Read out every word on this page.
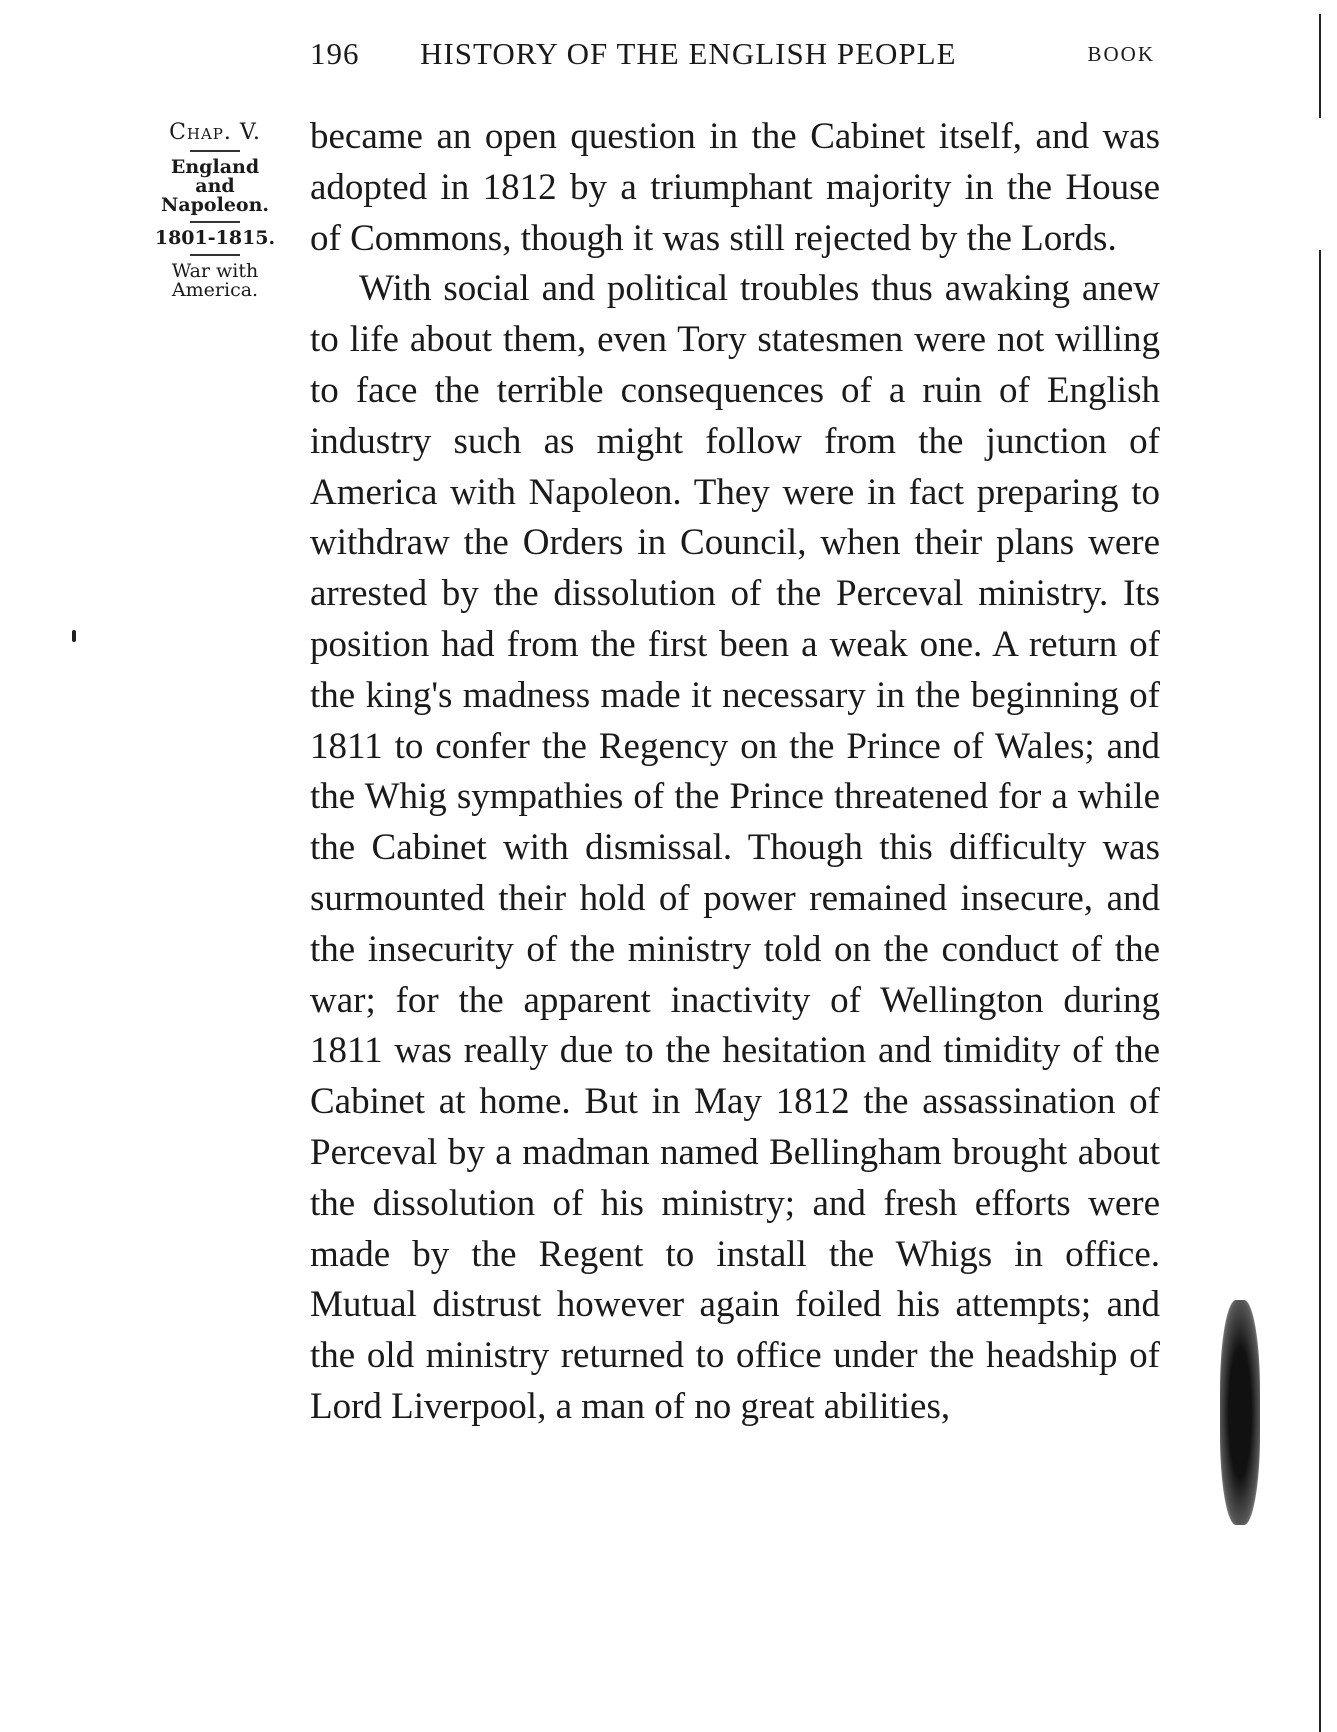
196 HISTORY OF THE ENGLISH PEOPLE	BOOK
Chap. V.
England
and
Napoleon.
1801-1815.
War with
America.

became an open question in the Cabinet itself, and was adopted in 1812 by a triumphant majority in the House of Commons, though it was still rejected by the Lords.

With social and political troubles thus awaking anew to life about them, even Tory statesmen were not willing to face the terrible consequences of a ruin of English industry such as might follow from the junction of America with Napoleon. They were in fact preparing to withdraw the Orders in Council, when their plans were arrested by the dissolution of the Perceval ministry. Its position had from the first been a weak one. A return of the king's madness made it necessary in the beginning of 1811 to confer the Regency on the Prince of Wales; and the Whig sympathies of the Prince threatened for a while the Cabinet with dismissal. Though this difficulty was surmounted their hold of power remained insecure, and the insecurity of the ministry told on the conduct of the war; for the apparent inactivity of Wellington during 1811 was really due to the hesitation and timidity of the Cabinet at home. But in May 1812 the assassination of Perceval by a madman named Bellingham brought about the dissolution of his ministry; and fresh efforts were made by the Regent to install the Whigs in office. Mutual distrust however again foiled his attempts; and the old ministry returned to office under the headship of Lord Liverpool, a man of no great abilities,
